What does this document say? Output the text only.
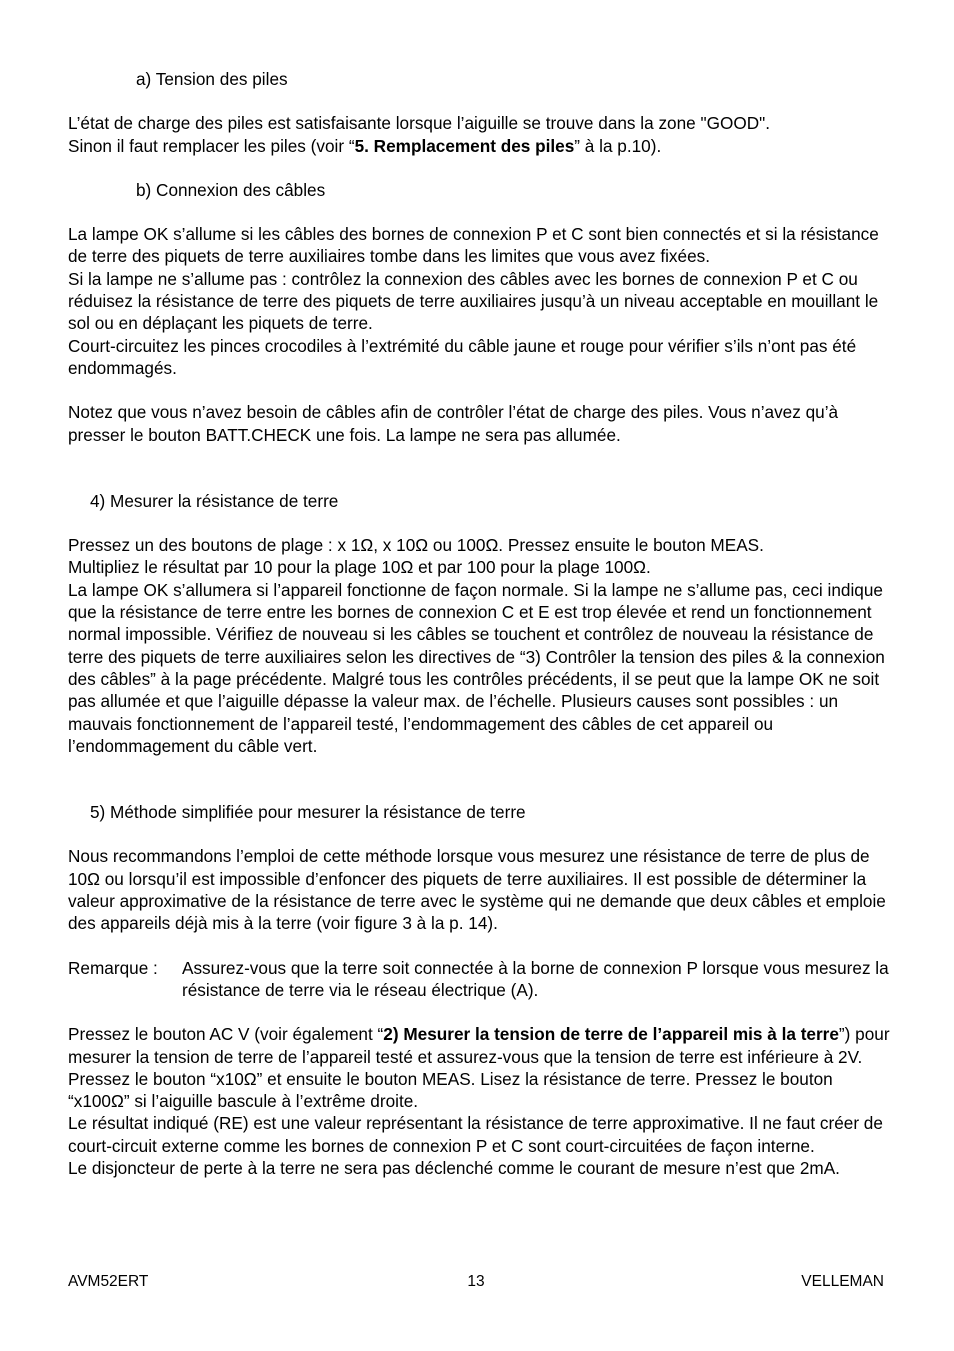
a) Tension des piles

L’état de charge des piles est satisfaisante lorsque l’aiguille se trouve dans la zone "GOOD".

Sinon il faut remplacer les piles (voir “5. Remplacement des piles” à la p.10).

b) Connexion des câbles

La lampe OK s’allume si les câbles des bornes de connexion P et C sont bien connectés et si la résistance de terre des piquets de terre auxiliaires tombe dans les limites que vous avez fixées.

Si la lampe ne s’allume pas : contrôlez la connexion des câbles avec les bornes de connexion P et C ou réduisez la résistance de terre des piquets de terre auxiliaires jusqu’à un niveau acceptable en mouillant le sol ou en déplaçant les piquets de terre.

Court-circuitez les pinces crocodiles à l’extrémité du câble jaune et rouge pour vérifier s’ils n’ont pas été endommagés.

Notez que vous n’avez besoin de câbles afin de contrôler l’état de charge des piles. Vous n’avez qu’à presser le bouton BATT.CHECK une fois. La lampe ne sera pas allumée.

4) Mesurer la résistance de terre

Pressez un des boutons de plage : x 1Ω, x 10Ω ou 100Ω. Pressez ensuite le bouton MEAS.

Multipliez le résultat par 10 pour la plage 10Ω et par 100 pour la plage 100Ω.

La lampe OK s’allumera si l’appareil fonctionne de façon normale. Si la lampe ne s’allume pas, ceci indique que la résistance de terre entre les bornes de connexion C et E est trop élevée et rend un fonctionnement normal impossible. Vérifiez de nouveau si les câbles se touchent et contrôlez de nouveau la résistance de terre des piquets de terre auxiliaires selon les directives de “3) Contrôler la tension des piles & la connexion des câbles” à la page précédente. Malgré tous les contrôles précédents, il se peut que la lampe OK ne soit pas allumée et que l’aiguille dépasse la valeur max. de l’échelle. Plusieurs causes sont possibles : un mauvais fonctionnement de l’appareil testé, l’endommagement des câbles de cet appareil ou l’endommagement du câble vert.

5) Méthode simplifiée pour mesurer la résistance de terre

Nous recommandons l’emploi de cette méthode lorsque vous mesurez une résistance de terre de plus de 10Ω ou lorsqu’il est impossible d’enfoncer des piquets de terre auxiliaires. Il est possible de déterminer la valeur approximative de la résistance de terre avec le système qui ne demande que deux câbles et emploie des appareils déjà mis à la terre (voir figure 3 à la p. 14).

Remarque :	Assurez-vous que la terre soit connectée à la borne de connexion P lorsque vous mesurez la résistance de terre via le réseau électrique (A).

Pressez le bouton AC V (voir également “2) Mesurer la tension de terre de l’appareil mis à la terre”) pour mesurer la tension de terre de l’appareil testé et assurez-vous que la tension de terre est inférieure à 2V.

Pressez le bouton “x10Ω” et ensuite le bouton MEAS. Lisez la résistance de terre. Pressez le bouton “x100Ω” si l’aiguille bascule à l’extrême droite.

Le résultat indiqué (RE) est une valeur représentant la résistance de terre approximative. Il ne faut créer de court-circuit externe comme les bornes de connexion P et C sont court-circuitées de façon interne.

Le disjoncteur de perte à la terre ne sera pas déclenché comme le courant de mesure n’est que 2mA.

AVM52ERT	13	VELLEMAN
